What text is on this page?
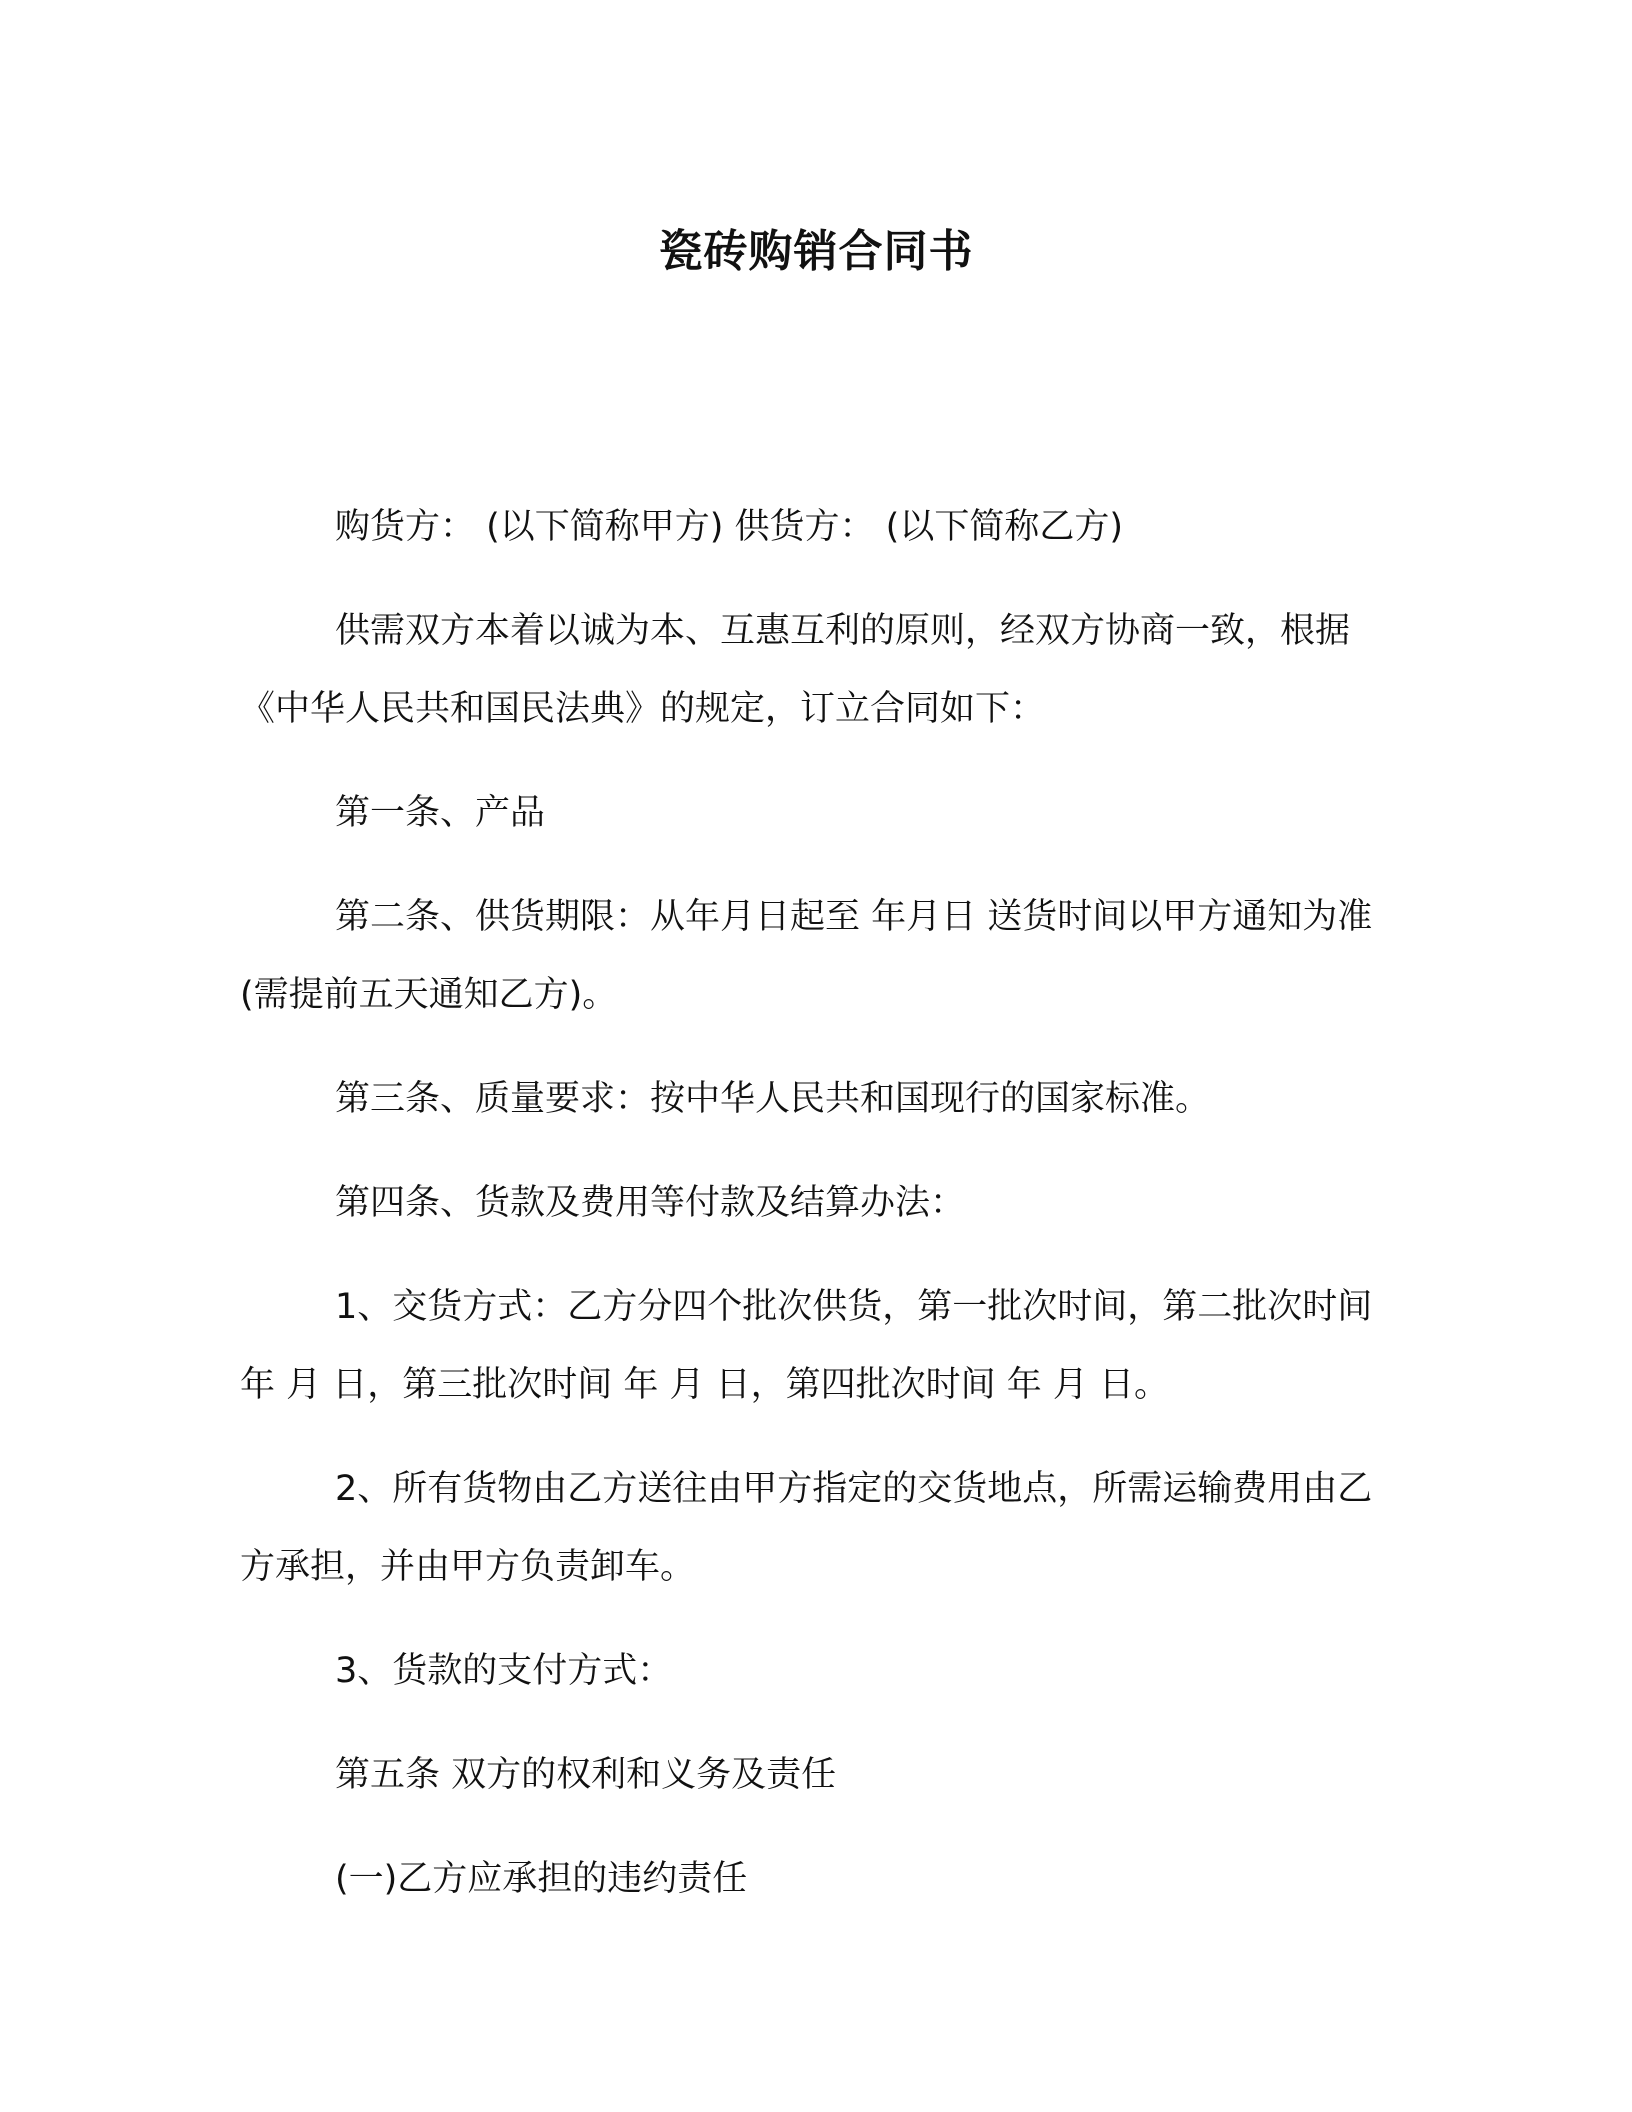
瓷砖购销合同书

购货方： (以下简称甲方) 供货方： (以下简称乙方)

供需双方本着以诚为本、互惠互利的原则，经双方协商一致，根据《中华人民共和国民法典》的规定，订立合同如下：

第一条、产品

第二条、供货期限：从年月日起至 年月日 送货时间以甲方通知为准(需提前五天通知乙方)。

第三条、质量要求：按中华人民共和国现行的国家标准。

第四条、货款及费用等付款及结算办法：

1、交货方式：乙方分四个批次供货，第一批次时间，第二批次时间 年 月 日，第三批次时间 年 月 日，第四批次时间 年 月 日。

2、所有货物由乙方送往由甲方指定的交货地点，所需运输费用由乙方承担，并由甲方负责卸车。

3、货款的支付方式：

第五条 双方的权利和义务及责任

(一)乙方应承担的违约责任
